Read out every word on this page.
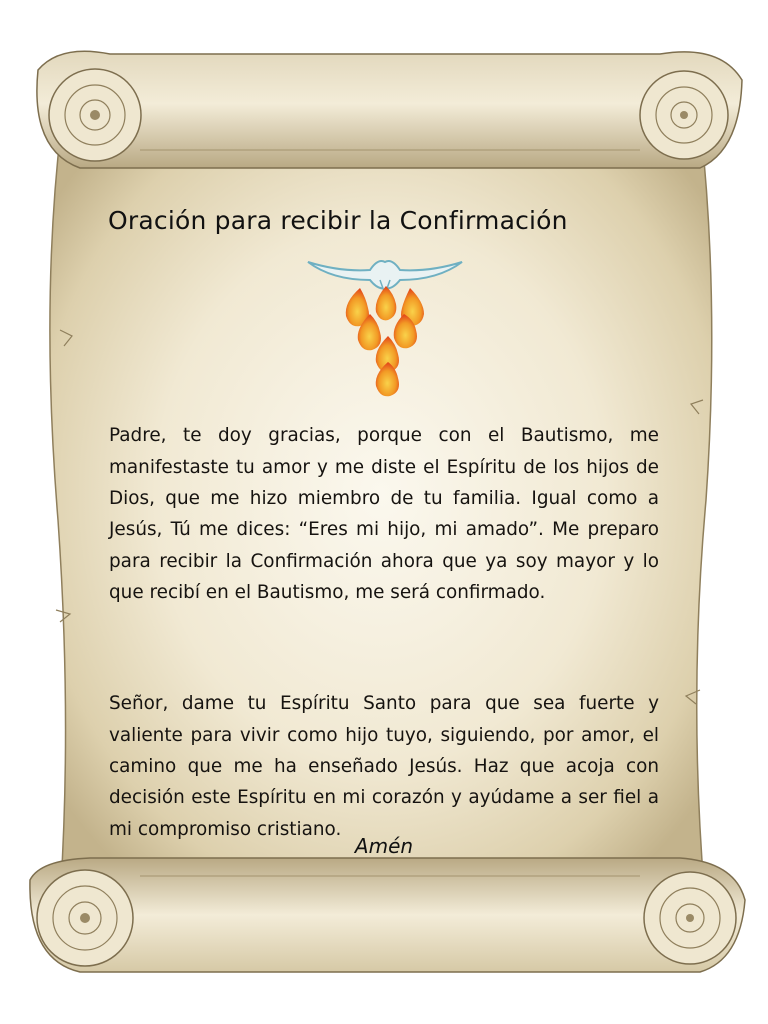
Oración para recibir la Confirmación

Padre, te doy gracias, porque con el Bautismo, me manifestaste tu amor y me diste el Espíritu de los hijos de Dios, que me hizo miembro de tu familia. Igual como a Jesús, Tú me dices: “Eres mi hijo, mi amado”. Me preparo para recibir la Confirmación ahora que ya soy mayor y lo que recibí en el Bautismo, me será confirmado.

Señor, dame tu Espíritu Santo para que sea fuerte y valiente para vivir como hijo tuyo, siguiendo, por amor, el camino que me ha enseñado Jesús. Haz que acoja con decisión este Espíritu en mi corazón y ayúdame a ser fiel a mi compromiso cristiano.

Amén
